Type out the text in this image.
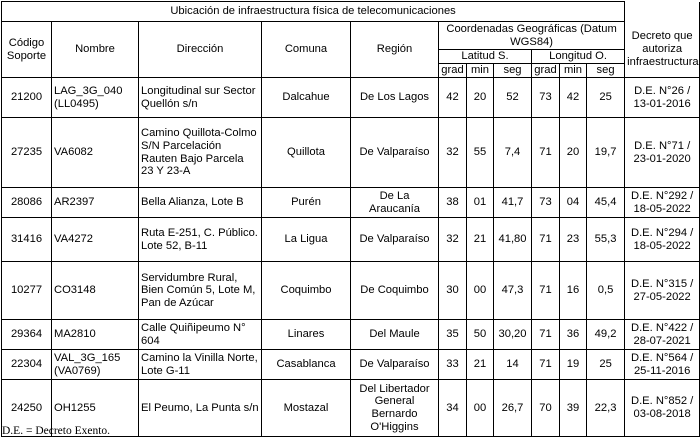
Ubicación de infraestructura física de telecomunicaciones											
Código Soporte	Nombre	Dirección	Comuna	Región	Coordenadas Geográficas (Datum WGS84)						Decreto que autoriza infraestructura
					Latitud S.			Longitud O.			
					grad	min	seg	grad	min	seg	
21200	LAG_3G_040 (LL0495)	Longitudinal sur Sector Quellón s/n	Dalcahue	De Los Lagos	42	20	52	73	42	25	D.E. N°26 / 13-01-2016
27235	VA6082	Camino Quillota-Colmo S/N Parcelación Rauten Bajo Parcela 23 Y 23-A	Quillota	De Valparaíso	32	55	7,4	71	20	19,7	D.E. N°71 / 23-01-2020
28086	AR2397	Bella Alianza, Lote B	Purén	De La Araucanía	38	01	41,7	73	04	45,4	D.E. N°292 / 18-05-2022
31416	VA4272	Ruta E-251, C. Público. Lote 52, B-11	La Ligua	De Valparaíso	32	21	41,80	71	23	55,3	D.E. N°294 / 18-05-2022
10277	CO3148	Servidumbre Rural, Bien Común 5, Lote M, Pan de Azúcar	Coquimbo	De Coquimbo	30	00	47,3	71	16	0,5	D.E. N°315 / 27-05-2022
29364	MA2810	Calle Quiñipeumo N° 604	Linares	Del Maule	35	50	30,20	71	36	49,2	D.E. N°422 / 28-07-2021
22304	VAL_3G_165 (VA0769)	Camino la Vinilla Norte, Lote G-11	Casablanca	De Valparaíso	33	21	14	71	19	25	D.E. N°564 / 25-11-2016
24250	OH1255	El Peumo, La Punta s/n	Mostazal	Del Libertador General Bernardo O'Higgins	34	00	26,7	70	39	22,3	D.E. N°852 / 03-08-2018
D.E. = Decreto Exento.
